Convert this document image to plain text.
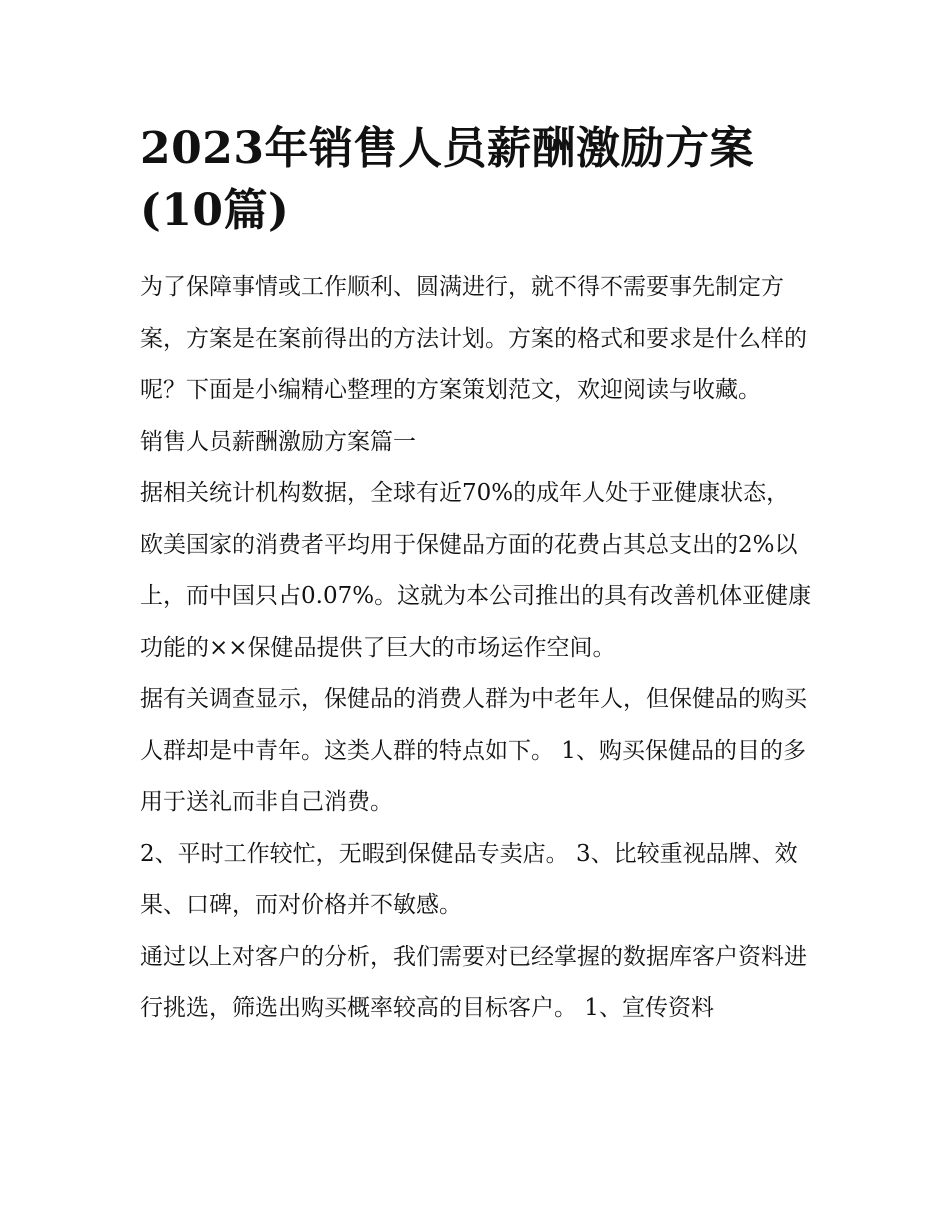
2023年销售人员薪酬激励方案
(10篇)

为了保障事情或工作顺利、圆满进行，就不得不需要事先制定方案，方案是在案前得出的方法计划。方案的格式和要求是什么样的呢？下面是小编精心整理的方案策划范文，欢迎阅读与收藏。

销售人员薪酬激励方案篇一

据相关统计机构数据，全球有近70%的成年人处于亚健康状态，欧美国家的消费者平均用于保健品方面的花费占其总支出的2%以上，而中国只占0.07%。这就为本公司推出的具有改善机体亚健康功能的××保健品提供了巨大的市场运作空间。

据有关调查显示，保健品的消费人群为中老年人，但保健品的购买人群却是中青年。这类人群的特点如下。 1、购买保健品的目的多用于送礼而非自己消费。

2、平时工作较忙，无暇到保健品专卖店。 3、比较重视品牌、效果、口碑，而对价格并不敏感。

通过以上对客户的分析，我们需要对已经掌握的数据库客户资料进行挑选，筛选出购买概率较高的目标客户。 1、宣传资料
